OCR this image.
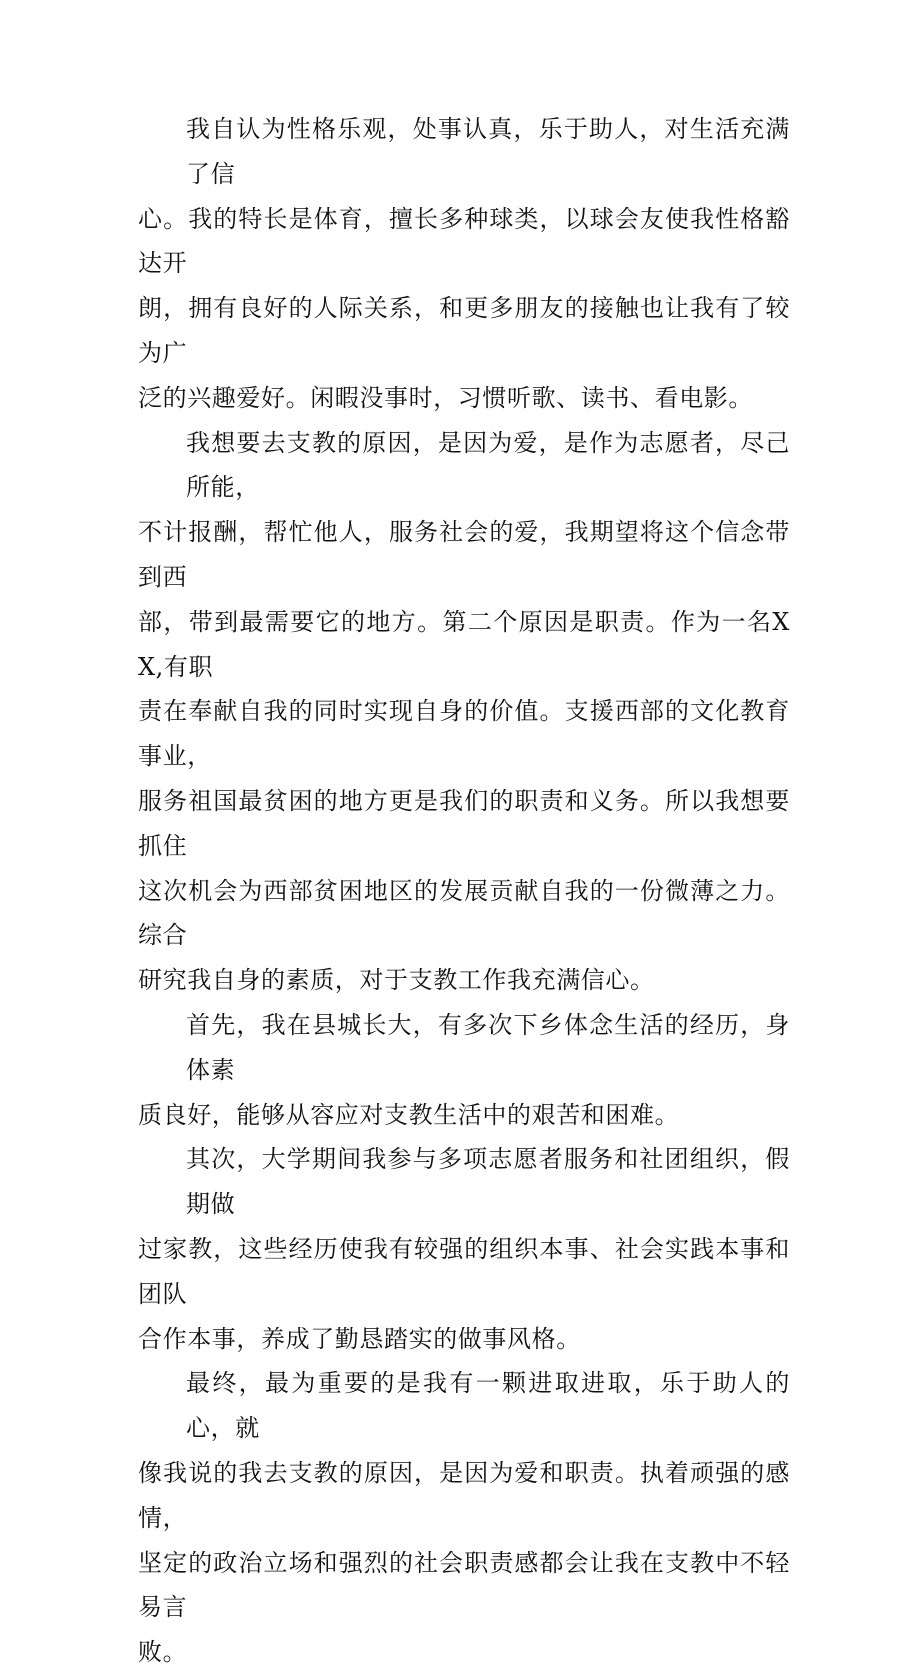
我自认为性格乐观，处事认真，乐于助人，对生活充满了信
心。我的特长是体育，擅长多种球类，以球会友使我性格豁达开
朗，拥有良好的人际关系，和更多朋友的接触也让我有了较为广
泛的兴趣爱好。闲暇没事时，习惯听歌、读书、看电影。

我想要去支教的原因，是因为爱，是作为志愿者，尽己所能，
不计报酬，帮忙他人，服务社会的爱，我期望将这个信念带到西
部，带到最需要它的地方。第二个原因是职责。作为一名XX,有职
责在奉献自我的同时实现自身的价值。支援西部的文化教育事业，
服务祖国最贫困的地方更是我们的职责和义务。所以我想要抓住
这次机会为西部贫困地区的发展贡献自我的一份微薄之力。综合
研究我自身的素质，对于支教工作我充满信心。

首先，我在县城长大，有多次下乡体念生活的经历，身体素
质良好，能够从容应对支教生活中的艰苦和困难。

其次，大学期间我参与多项志愿者服务和社团组织，假期做
过家教，这些经历使我有较强的组织本事、社会实践本事和团队
合作本事，养成了勤恳踏实的做事风格。

最终，最为重要的是我有一颗进取进取，乐于助人的心，就
像我说的我去支教的原因，是因为爱和职责。执着顽强的感情，
坚定的政治立场和强烈的社会职责感都会让我在支教中不轻易言
败。
